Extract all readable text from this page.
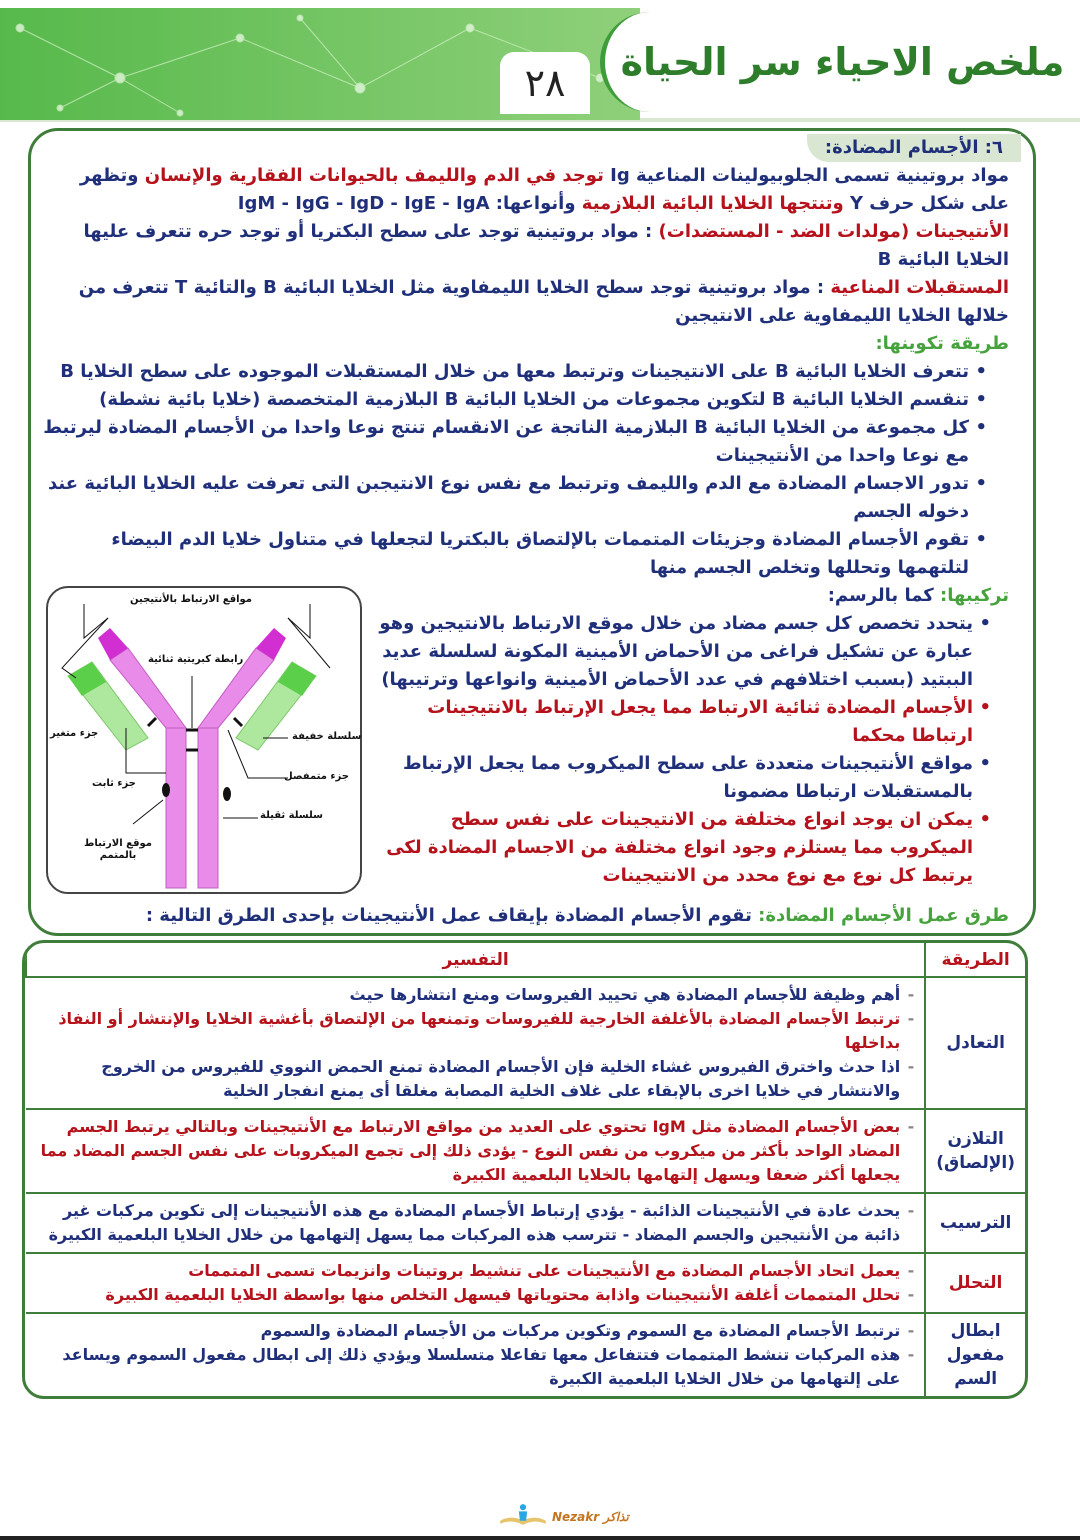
٢٨	ملخص الاحياء سر الحياة
٦: الأجسام المضادة:
مواد بروتينية تسمى الجلوبيولينات المناعية Ig توجد في الدم والليمف بالحيوانات الفقارية والإنسان وتظهر على شكل حرف Y وتنتجها الخلايا البائية البلازمية وأنواعها: IgM - IgG - IgD - IgE - IgA
الأنتيجينات (مولدات الضد - المستضدات) : مواد بروتينية توجد على سطح البكتريا أو توجد حره تتعرف عليها الخلايا البائية B
المستقبلات المناعية : مواد بروتينية توجد سطح الخلايا الليمفاوية مثل الخلايا البائية B والتائية T تتعرف من خلالها الخلايا الليمفاوية على الانتيجين
طريقة تكوينها:
• تتعرف الخلايا البائية B على الانتيجينات وترتبط معها من خلال المستقبلات الموجوده على سطح الخلايا B
• تنقسم الخلايا البائية B لتكوين مجموعات من الخلايا البائية B البلازمية المتخصصة (خلايا بائية نشطة)
• كل مجموعة من الخلايا البائية B البلازمية الناتجة عن الانقسام تنتج نوعا واحدا من الأجسام المضادة ليرتبط مع نوعا واحدا من الأنتيجينات
• تدور الاجسام المضادة مع الدم والليمف وترتبط مع نفس نوع الانتيجبن التى تعرفت عليه الخلايا البائية عند دخوله الجسم
• تقوم الأجسام المضادة وجزيئات المتممات بالإلتصاق بالبكتريا لتجعلها في متناول خلايا الدم البيضاء لتلتهمها وتحللها وتخلص الجسم منها
مواقع الارتباط بالأنتيجين
رابطة كبريتية ثنائية
جزء متغير	سلسلة خفيفة
جزء متمفصل
جزء ثابت
سلسلة ثقيلة
موقع الارتباط بالمتمم
تركيبها: كما بالرسم:
• يتحدد تخصص كل جسم مضاد من خلال موقع الارتباط بالانتيجين وهو عبارة عن تشكيل فراغى من الأحماض الأمينية المكونة لسلسلة عديد الببتيد (بسبب اختلافهم في عدد الأحماض الأمينية وانواعها وترتيبها)
• الأجسام المضادة ثنائية الارتباط مما يجعل الإرتباط بالانتيجينات ارتباطا محكما
• مواقع الأنتيجينات متعددة على سطح الميكروب مما يجعل الإرتباط بالمستقبلات ارتباطا مضمونا
• يمكن ان يوجد انواع مختلفة من الانتيجينات على نفس سطح الميكروب مما يستلزم وجود انواع مختلفة من الاجسام المضادة لكى يرتبط كل نوع مع نوع محدد من الانتيجينات
طرق عمل الأجسام المضادة: تقوم الأجسام المضادة بإيقاف عمل الأنتيجينات بإحدى الطرق التالية :
الطريقة	التفسير
التعادل	- أهم وظيفة للأجسام المضادة هي تحييد الفيروسات ومنع انتشارها حيث
- ترتبط الأجسام المضادة بالأغلفة الخارجية للفيروسات وتمنعها من الإلتصاق بأغشية الخلايا والإنتشار أو النفاذ بداخلها
- اذا حدث واخترق الفيروس غشاء الخلية فإن الأجسام المضادة تمنع الحمض النووي للفيروس من الخروج والانتشار في خلايا اخرى بالإبقاء على غلاف الخلية المصابة مغلقا أى يمنع انفجار الخلية

التلازن (الإلصاق)	- بعض الأجسام المضادة مثل IgM تحتوي على العديد من مواقع الارتباط مع الأنتيجينات وبالتالي يرتبط الجسم المضاد الواحد بأكثر من ميكروب من نفس النوع - يؤدى ذلك إلى تجمع الميكروبات على نفس الجسم المضاد مما يجعلها أكثر ضعفا ويسهل إلتهامها بالخلايا البلعمية الكبيرة

الترسيب	- يحدث عادة في الأنتيجينات الذائبة - يؤدي إرتباط الأجسام المضادة مع هذه الأنتيجينات إلى تكوين مركبات غير ذائبة من الأنتيجين والجسم المضاد - تترسب هذه المركبات مما يسهل إلتهامها من خلال الخلايا البلعمية الكبيرة

التحلل	- يعمل اتحاد الأجسام المضادة مع الأنتيجينات على تنشيط بروتينات وانزيمات تسمى المتممات
- تحلل المتممات أغلفة الأنتيجينات واذابة محتوياتها فيسهل التخلص منها بواسطة الخلايا البلعمية الكبيرة

ابطال مفعول السم	- ترتبط الأجسام المضادة مع السموم وتكوين مركبات من الأجسام المضادة والسموم
- هذه المركبات تنشط المتممات فتتفاعل معها تفاعلا متسلسلا ويؤدي ذلك إلى ابطال مفعول السموم ويساعد على إلتهامها من خلال الخلايا البلعمية الكبيرة
Nezakr تذاكر
